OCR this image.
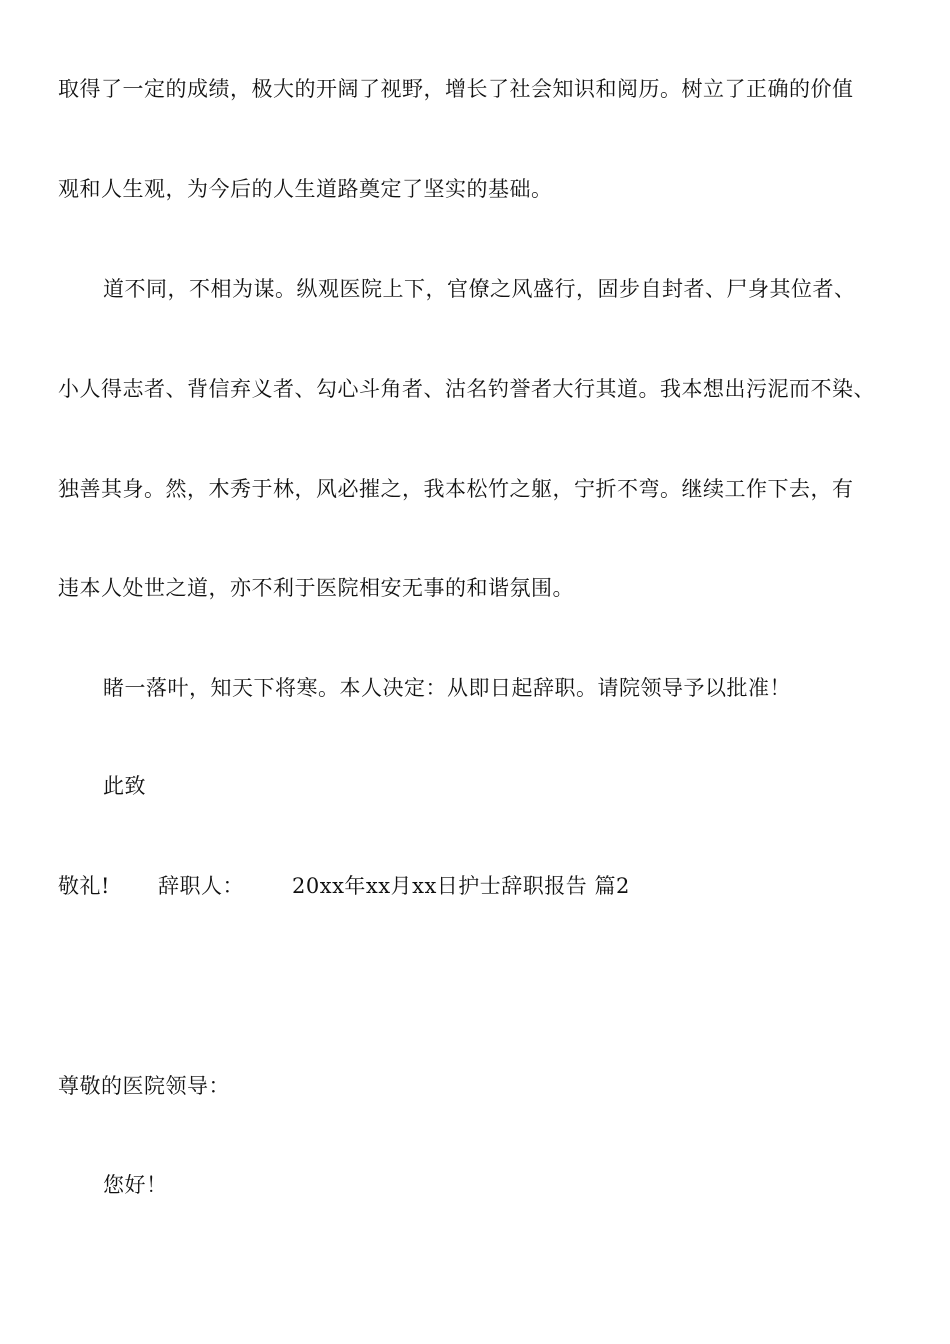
取得了一定的成绩，极大的开阔了视野，增长了社会知识和阅历。树立了正确的价值
观和人生观，为今后的人生道路奠定了坚实的基础。
道不同，不相为谋。纵观医院上下，官僚之风盛行，固步自封者、尸身其位者、
小人得志者、背信弃义者、勾心斗角者、沽名钓誉者大行其道。我本想出污泥而不染、
独善其身。然，木秀于林，风必摧之，我本松竹之躯，宁折不弯。继续工作下去，有
违本人处世之道，亦不利于医院相安无事的和谐氛围。
睹一落叶，知天下将寒。本人决定：从即日起辞职。请院领导予以批准！
此致
敬礼! 辞职人： 20xx年xx月xx日护士辞职报告 篇2
尊敬的医院领导：
您好！
